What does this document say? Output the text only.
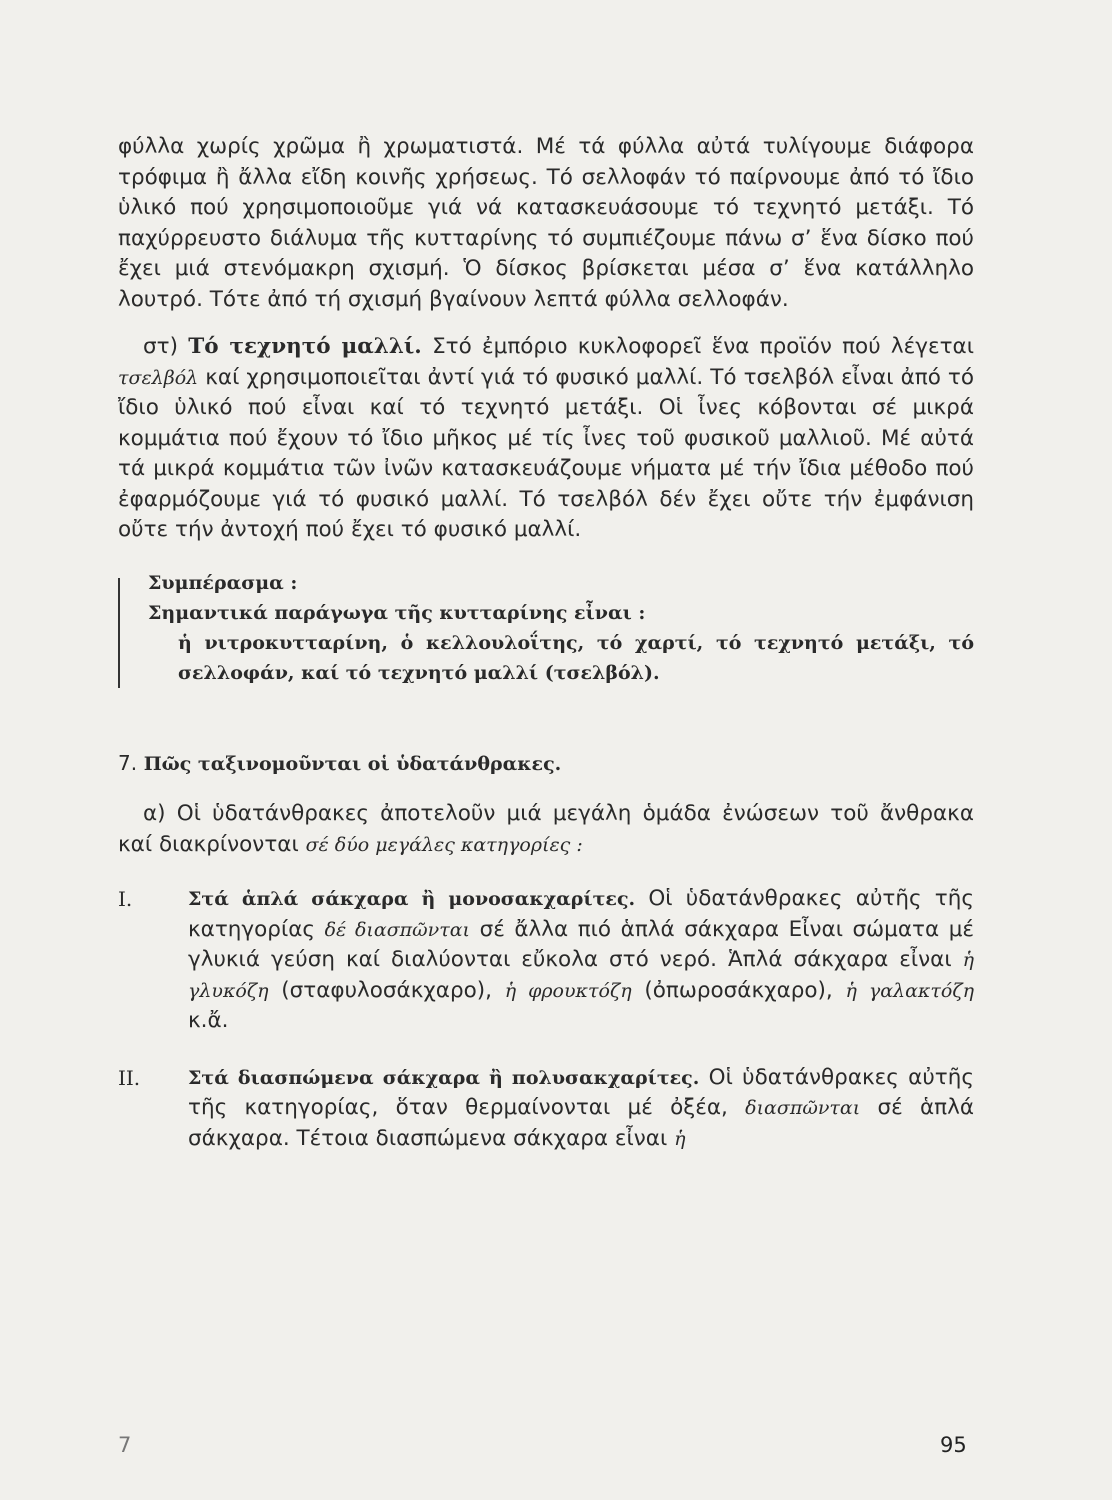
φύλλα χωρίς χρῶμα ἢ χρωματιστά. Μέ τά φύλλα αὐτά τυλίγουμε διάφορα τρόφιμα ἢ ἄλλα εἴδη κοινῆς χρήσεως. Τό σελλοφάν τό παίρνουμε ἀπό τό ἴδιο ὑλικό πού χρησιμοποιοῦμε γιά νά κατασκευάσουμε τό τεχνητό μετάξι. Τό παχύρρευστο διάλυμα τῆς κυτταρίνης τό συμπιέζουμε πάνω σ’ ἕνα δίσκο πού ἔχει μιά στενόμακρη σχισμή. Ὁ δίσκος βρίσκεται μέσα σ’ ἕνα κατάλληλο λουτρό. Τότε ἀπό τή σχισμή βγαίνουν λεπτά φύλλα σελλοφάν.

στ) Τό τεχνητό μαλλί. Στό ἐμπόριο κυκλοφορεῖ ἕνα προϊόν πού λέγεται τσελβόλ καί χρησιμοποιεῖται ἀντί γιά τό φυσικό μαλλί. Τό τσελβόλ εἶναι ἀπό τό ἴδιο ὑλικό πού εἶναι καί τό τεχνητό μετάξι. Οἱ ἶνες κόβονται σέ μικρά κομμάτια πού ἔχουν τό ἴδιο μῆκος μέ τίς ἶνες τοῦ φυσικοῦ μαλλιοῦ. Μέ αὐτά τά μικρά κομμάτια τῶν ἰνῶν κατασκευάζουμε νήματα μέ τήν ἴδια μέθοδο πού ἐφαρμόζουμε γιά τό φυσικό μαλλί. Τό τσελβόλ δέν ἔχει οὔτε τήν ἐμφάνιση οὔτε τήν ἀντοχή πού ἔχει τό φυσικό μαλλί.

Συμπέρασμα :

Σημαντικά παράγωγα τῆς κυτταρίνης εἶναι :

ἡ νιτροκυτταρίνη, ὁ κελλουλοΐτης, τό χαρτί, τό τεχνητό μετάξι, τό σελλοφάν, καί τό τεχνητό μαλλί (τσελβόλ).

7. Πῶς ταξινομοῦνται οἱ ὑδατάνθρακες.

α) Οἱ ὑδατάνθρακες ἀποτελοῦν μιά μεγάλη ὁμάδα ἐνώσεων τοῦ ἄνθρακα καί διακρίνονται σέ δύο μεγάλες κατηγορίες :

I.	Στά ἁπλά σάκχαρα ἢ μονοσακχαρίτες. Οἱ ὑδατάνθρακες αὐτῆς τῆς κατηγορίας δέ διασπῶνται σέ ἄλλα πιό ἁπλά σάκχαρα Εἶναι σώματα μέ γλυκιά γεύση καί διαλύονται εὔκολα στό νερό. Ἁπλά σάκχαρα εἶναι ἡ γλυκόζη (σταφυλοσάκχαρο), ἡ φρουκτόζη (ὀπωροσάκχαρο), ἡ γαλακτόζη κ.ἄ.

II.	Στά διασπώμενα σάκχαρα ἢ πολυσακχαρίτες. Οἱ ὑδατάνθρακες αὐτῆς τῆς κατηγορίας, ὅταν θερμαίνονται μέ ὀξέα, διασπῶνται σέ ἁπλά σάκχαρα. Τέτοια διασπώμενα σάκχαρα εἶναι ἡ

7	95
